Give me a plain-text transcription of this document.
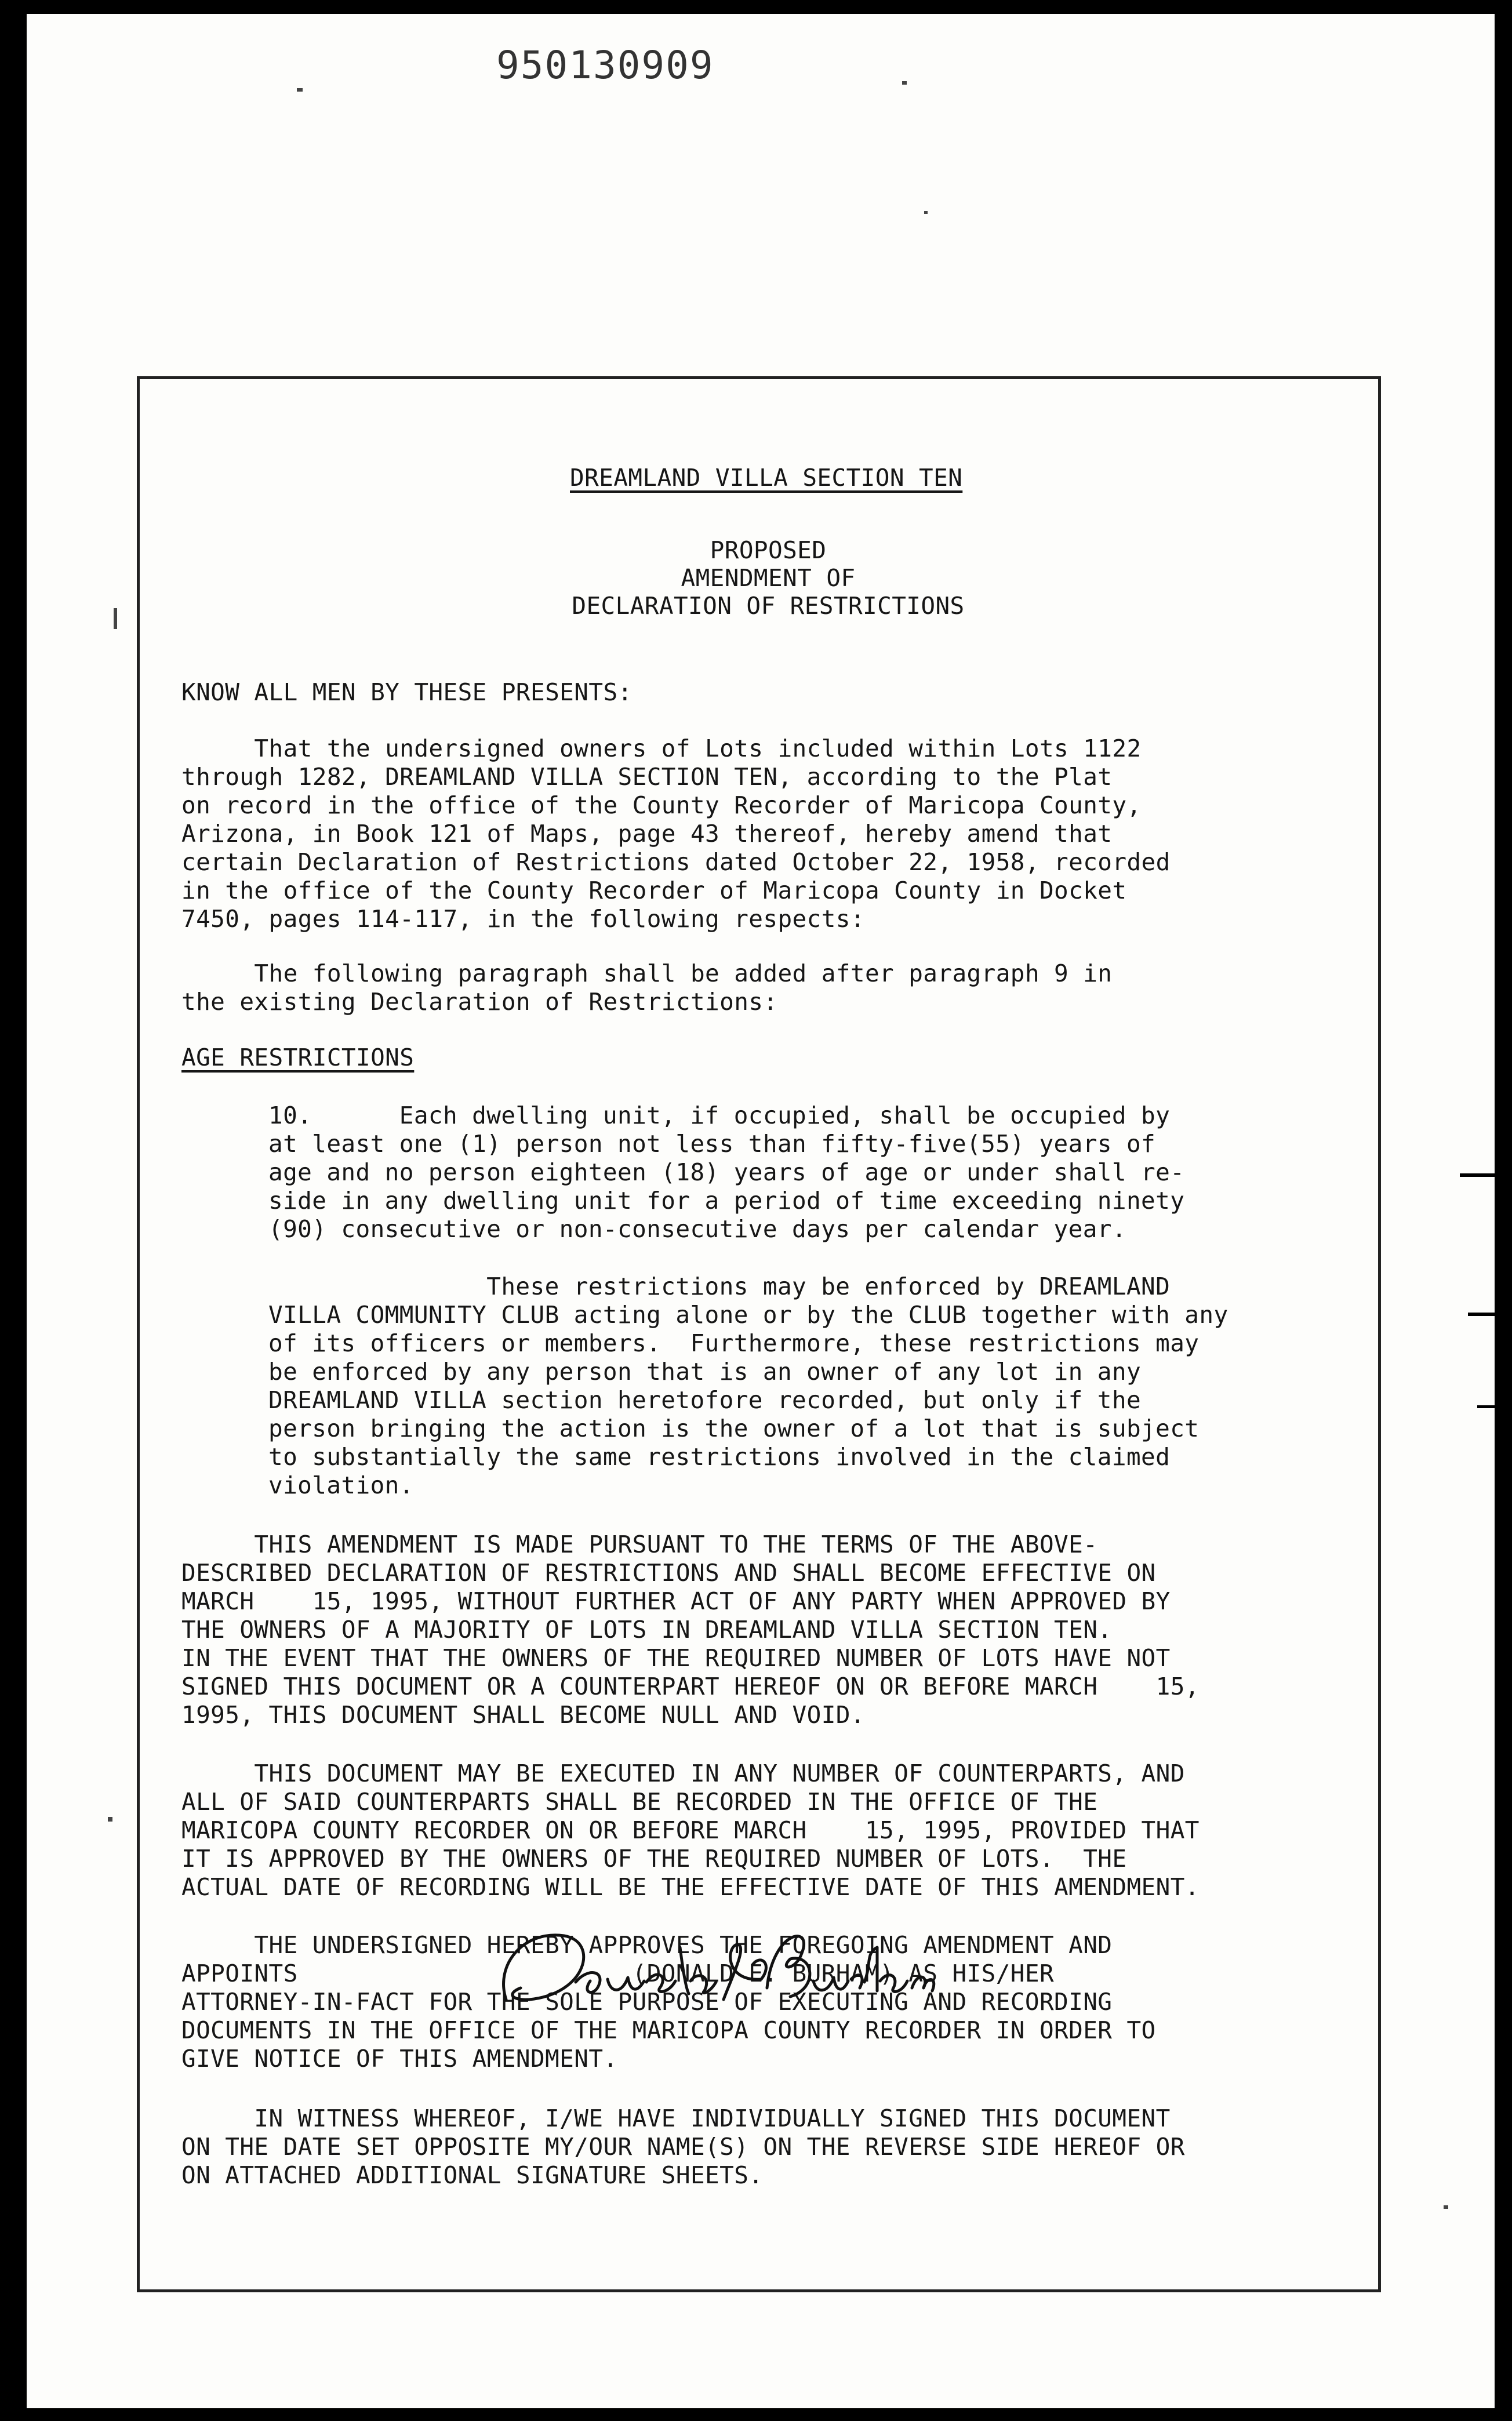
950130909
DREAMLAND VILLA SECTION TEN
PROPOSED
AMENDMENT OF
DECLARATION OF RESTRICTIONS
KNOW ALL MEN BY THESE PRESENTS:
That the undersigned owners of Lots included within Lots 1122
through 1282, DREAMLAND VILLA SECTION TEN, according to the Plat
on record in the office of the County Recorder of Maricopa County,
Arizona, in Book 121 of Maps, page 43 thereof, hereby amend that
certain Declaration of Restrictions dated October 22, 1958, recorded
in the office of the County Recorder of Maricopa County in Docket
7450, pages 114-117, in the following respects:
The following paragraph shall be added after paragraph 9 in
the existing Declaration of Restrictions:
AGE RESTRICTIONS
10.      Each dwelling unit, if occupied, shall be occupied by
at least one (1) person not less than fifty-five(55) years of
age and no person eighteen (18) years of age or under shall re-
side in any dwelling unit for a period of time exceeding ninety
(90) consecutive or non-consecutive days per calendar year.
These restrictions may be enforced by DREAMLAND
VILLA COMMUNITY CLUB acting alone or by the CLUB together with any
of its officers or members.  Furthermore, these restrictions may
be enforced by any person that is an owner of any lot in any
DREAMLAND VILLA section heretofore recorded, but only if the
person bringing the action is the owner of a lot that is subject
to substantially the same restrictions involved in the claimed
violation.
THIS AMENDMENT IS MADE PURSUANT TO THE TERMS OF THE ABOVE-
DESCRIBED DECLARATION OF RESTRICTIONS AND SHALL BECOME EFFECTIVE ON
MARCH    15, 1995, WITHOUT FURTHER ACT OF ANY PARTY WHEN APPROVED BY
THE OWNERS OF A MAJORITY OF LOTS IN DREAMLAND VILLA SECTION TEN.
IN THE EVENT THAT THE OWNERS OF THE REQUIRED NUMBER OF LOTS HAVE NOT
SIGNED THIS DOCUMENT OR A COUNTERPART HEREOF ON OR BEFORE MARCH    15,
1995, THIS DOCUMENT SHALL BECOME NULL AND VOID.
THIS DOCUMENT MAY BE EXECUTED IN ANY NUMBER OF COUNTERPARTS, AND
ALL OF SAID COUNTERPARTS SHALL BE RECORDED IN THE OFFICE OF THE
MARICOPA COUNTY RECORDER ON OR BEFORE MARCH    15, 1995, PROVIDED THAT
IT IS APPROVED BY THE OWNERS OF THE REQUIRED NUMBER OF LOTS.  THE
ACTUAL DATE OF RECORDING WILL BE THE EFFECTIVE DATE OF THIS AMENDMENT.
THE UNDERSIGNED HEREBY APPROVES THE FOREGOING AMENDMENT AND
APPOINTS                       (DONALD E. BURHAM) AS HIS/HER
ATTORNEY-IN-FACT FOR THE SOLE PURPOSE OF EXECUTING AND RECORDING
DOCUMENTS IN THE OFFICE OF THE MARICOPA COUNTY RECORDER IN ORDER TO
GIVE NOTICE OF THIS AMENDMENT.
IN WITNESS WHEREOF, I/WE HAVE INDIVIDUALLY SIGNED THIS DOCUMENT
ON THE DATE SET OPPOSITE MY/OUR NAME(S) ON THE REVERSE SIDE HEREOF OR
ON ATTACHED ADDITIONAL SIGNATURE SHEETS.
